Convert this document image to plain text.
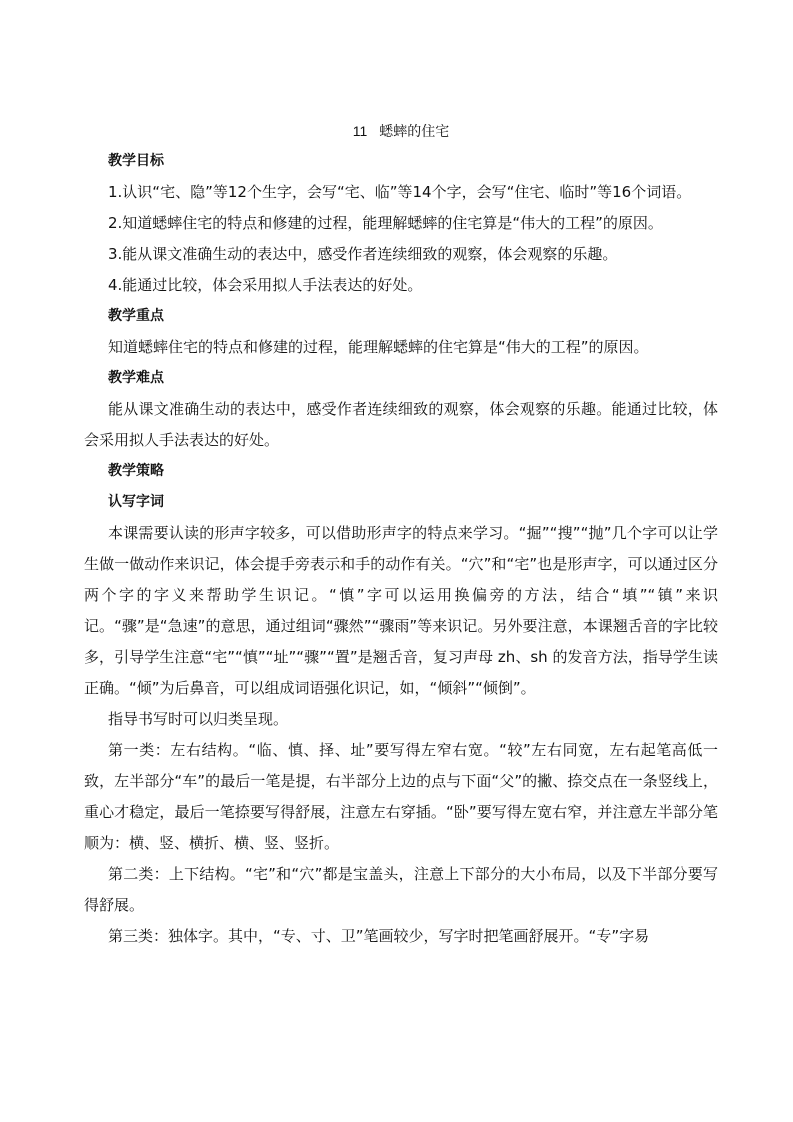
11 蟋蟀的住宅

教学目标

1.认识“宅、隐”等12个生字，会写“宅、临”等14个字，会写“住宅、临时”等16个词语。

2.知道蟋蟀住宅的特点和修建的过程，能理解蟋蟀的住宅算是“伟大的工程”的原因。

3.能从课文准确生动的表达中，感受作者连续细致的观察，体会观察的乐趣。

4.能通过比较，体会采用拟人手法表达的好处。

教学重点

知道蟋蟀住宅的特点和修建的过程，能理解蟋蟀的住宅算是“伟大的工程”的原因。

教学难点

能从课文准确生动的表达中，感受作者连续细致的观察，体会观察的乐趣。能通过比较，体会采用拟人手法表达的好处。

教学策略

认写字词

本课需要认读的形声字较多，可以借助形声字的特点来学习。“掘”“搜”“抛”几个字可以让学生做一做动作来识记，体会提手旁表示和手的动作有关。“穴”和“宅”也是形声字，可以通过区分两个字的字义来帮助学生识记。“慎”字可以运用换偏旁的方法，结合“填”“镇”来识记。“骤”是“急速”的意思，通过组词“骤然”“骤雨”等来识记。另外要注意，本课翘舌音的字比较多，引导学生注意“宅”“慎”“址”“骤”“置”是翘舌音，复习声母 zh、sh 的发音方法，指导学生读正确。“倾”为后鼻音，可以组成词语强化识记，如，“倾斜”“倾倒”。

指导书写时可以归类呈现。

第一类：左右结构。“临、慎、择、址”要写得左窄右宽。“较”左右同宽，左右起笔高低一致，左半部分“车”的最后一笔是提，右半部分上边的点与下面“父”的撇、捺交点在一条竖线上，重心才稳定，最后一笔捺要写得舒展，注意左右穿插。“卧”要写得左宽右窄，并注意左半部分笔顺为：横、竖、横折、横、竖、竖折。

第二类：上下结构。“宅”和“穴”都是宝盖头，注意上下部分的大小布局，以及下半部分要写得舒展。

第三类：独体字。其中，“专、寸、卫”笔画较少，写字时把笔画舒展开。“专”字易
